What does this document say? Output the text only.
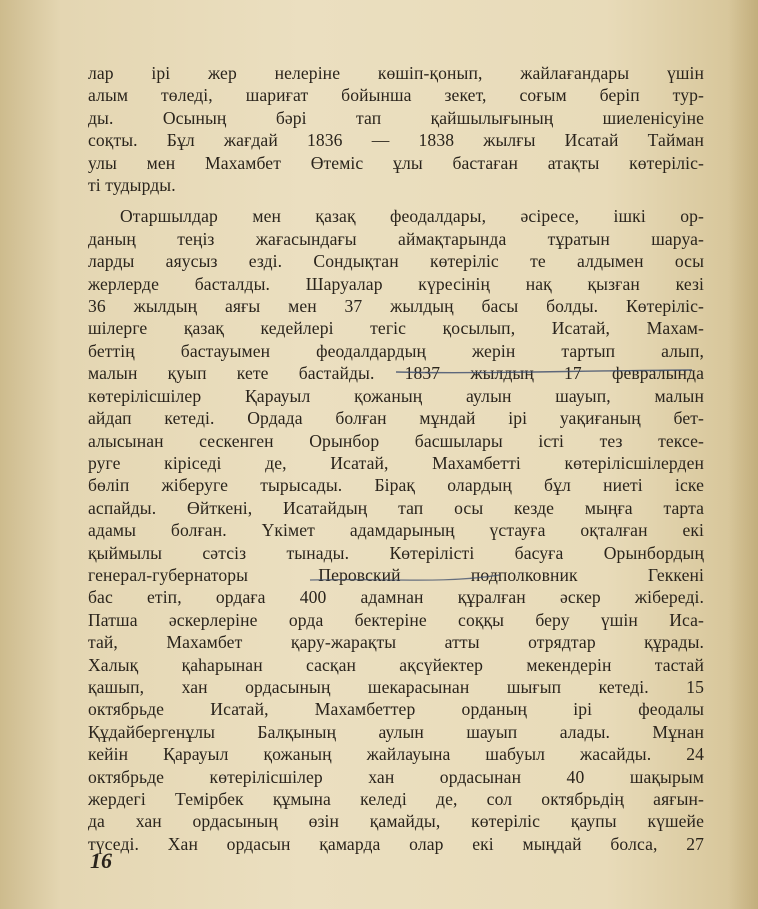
лар ірі жер нелеріне көшіп-қонып, жайлағандары үшін
алым төледі, шариғат бойынша зекет, соғым беріп тур-
ды. Осының бәрі тап қайшылығының шиеленісуіне
соқты. Бұл жағдай 1836 — 1838 жылғы Исатай Тайман
улы мен Махамбет Өтеміс ұлы бастаған атақты көтеріліс-
ті тудырды.
Отаршылдар мен қазақ феодалдары, әсіресе, ішкі ор-
даның теңіз жағасындағы аймақтарында тұратын шаруа-
ларды аяусыз езді. Сондықтан көтеріліс те алдымен осы
жерлерде басталды. Шаруалар күресінің нақ қызған кезі
36 жылдың аяғы мен 37 жылдың басы болды. Көтеріліс-
шілерге қазақ кедейлері тегіс қосылып, Исатай, Махам-
беттің бастауымен феодалдардың жерін тартып алып,
малын қуып кете бастайды. 1837 жылдың 17 февралында
көтерілісшілер Қарауыл қожаның аулын шауып, малын
айдап кетеді. Ордада болған мұндай ірі уақиғаның бет-
алысынан сескенген Орынбор басшылары істі тез тексе-
руге кіріседі де, Исатай, Махамбетті көтерілісшілерден
бөліп жіберуге тырысады. Бірақ олардың бұл ниеті іске
аспайды. Өйткені, Исатайдың тап осы кезде мыңға тарта
адамы болған. Үкімет адамдарының үстауға оқталған екі
қыймылы сәтсіз тынады. Көтерілісті басуға Орынбордың
генерал-губернаторы Перовский подполковник Геккені
бас етіп, ордаға 400 адамнан құралған әскер жібереді.
Патша әскерлеріне орда бектеріне соққы беру үшін Иса-
тай, Махамбет қару-жарақты атты отрядтар құрады.
Халық қаһарынан сасқан ақсүйектер мекендерін тастай
қашып, хан ордасының шекарасынан шығып кетеді. 15
октябрьде Исатай, Махамбеттер орданың ірі феодалы
Құдайбергенұлы Балқының аулын шауып алады. Мұнан
кейін Қарауыл қожаның жайлауына шабуыл жасайды. 24
октябрьде көтерілісшілер хан ордасынан 40 шақырым
жердегі Темірбек құмына келеді де, сол октябрьдің аяғын-
да хан ордасының өзін қамайды, көтеріліс қаупы күшейе
түседі. Хан ордасын қамарда олар екі мыңдай болса, 27
16
